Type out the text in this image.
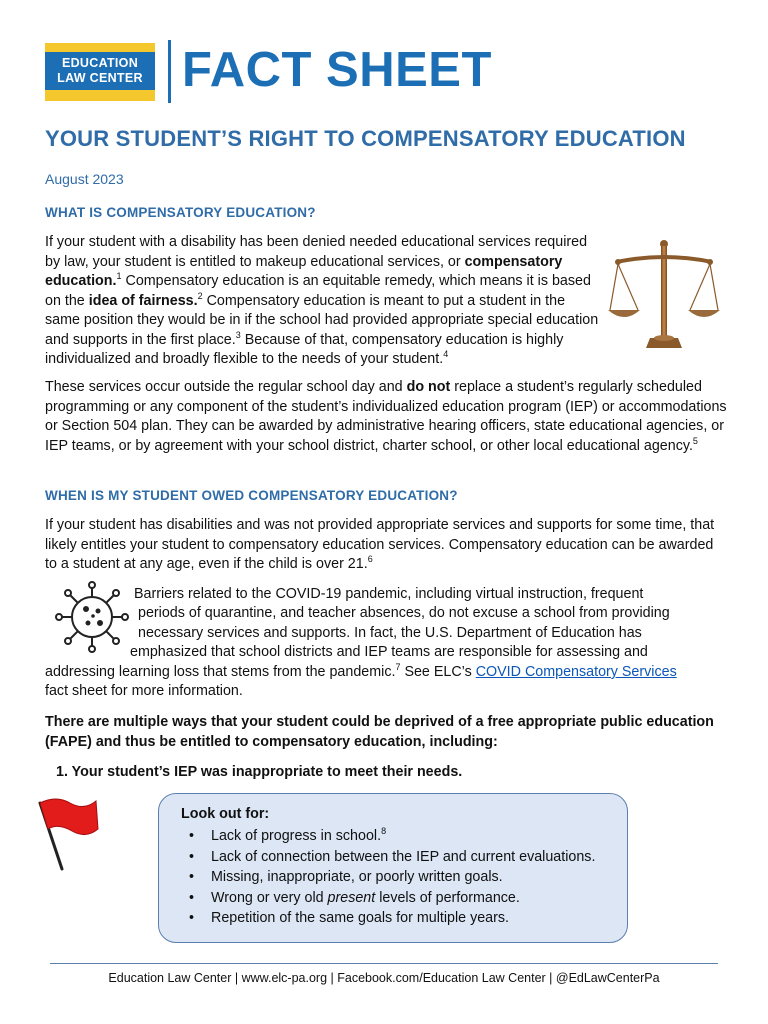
EDUCATION
LAW CENTER FACT SHEET
YOUR STUDENT’S RIGHT TO COMPENSATORY EDUCATION
August 2023
WHAT IS COMPENSATORY EDUCATION?
If your student with a disability has been denied needed educational services required by law, your student is entitled to makeup educational services, or compensatory education.$^1$ Compensatory education is an equitable remedy, which means it is based on the idea of fairness.$^2$ Compensatory education is meant to put a student in the same position they would be in if the school had provided appropriate special education and supports in the first place.$^3$ Because of that, compensatory education is highly individualized and broadly flexible to the needs of your student.$^4$
These services occur outside the regular school day and do not replace a student’s regularly scheduled programming or any component of the student’s individualized education program (IEP) or accommodations or Section 504 plan. They can be awarded by administrative hearing officers, state educational agencies, or IEP teams, or by agreement with your school district, charter school, or other local educational agency.$^5$
WHEN IS MY STUDENT OWED COMPENSATORY EDUCATION?
If your student has disabilities and was not provided appropriate services and supports for some time, that likely entitles your student to compensatory education services. Compensatory education can be awarded to a student at any age, even if the child is over 21.$^6$
Barriers related to the COVID-19 pandemic, including virtual instruction, frequent
periods of quarantine, and teacher absences, do not excuse a school from providing
necessary services and supports. In fact, the U.S. Department of Education has
emphasized that school districts and IEP teams are responsible for assessing and
addressing learning loss that stems from the pandemic.$^7$ See ELC’s COVID Compensatory Services
fact sheet for more information.
There are multiple ways that your student could be deprived of a free appropriate public education (FAPE) and thus be entitled to compensatory education, including:
1. Your student’s IEP was inappropriate to meet their needs.
Look out for:
• Lack of progress in school.$^8$
• Lack of connection between the IEP and current evaluations.
• Missing, inappropriate, or poorly written goals.
• Wrong or very old present levels of performance.
• Repetition of the same goals for multiple years.
Education Law Center | www.elc-pa.org | Facebook.com/Education Law Center | @EdLawCenterPa
